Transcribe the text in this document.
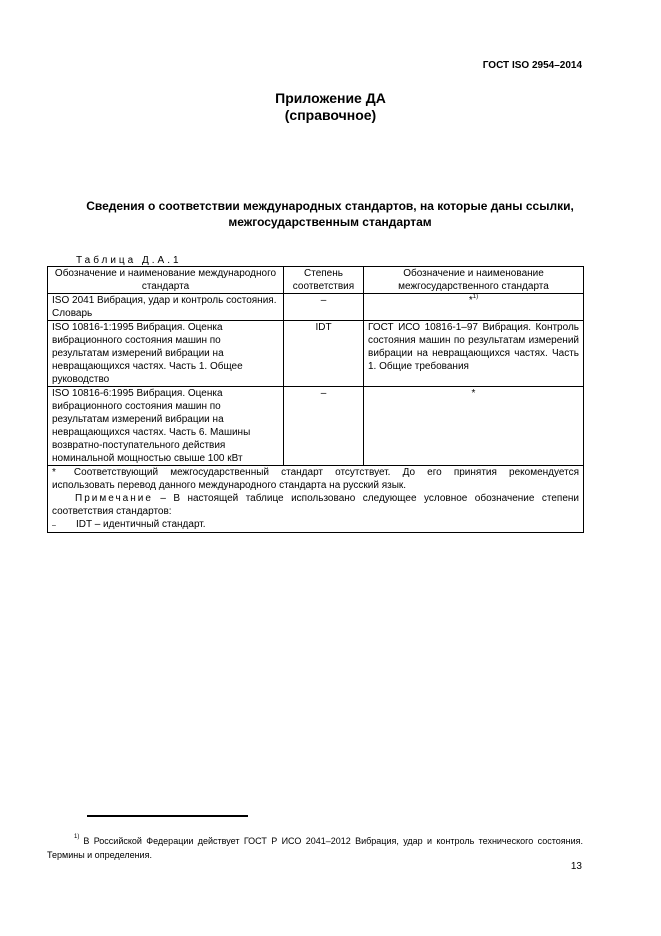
ГОСТ ISO 2954–2014
Приложение ДА
(справочное)
Сведения о соответствии международных стандартов, на которые даны ссылки, межгосударственным стандартам
Таблица Д.А.1
Обозначение и наименование международного стандарта	Степень соответствия	Обозначение и наименование межгосударственного стандарта
ISO 2041 Вибрация, удар и контроль состояния. Словарь	–	*$^{1)}$
ISO 10816-1:1995 Вибрация. Оценка вибрационного состояния машин по результатам измерений вибрации на невращающихся частях. Часть 1. Общее руководство	IDT	ГОСТ ИСО 10816-1–97 Вибрация. Контроль состояния машин по результатам измерений вибрации на невращающихся частях. Часть 1. Общие требования
ISO 10816-6:1995 Вибрация. Оценка вибрационного состояния машин по результатам измерений вибрации на невращающихся частях. Часть 6. Машины возвратно-поступательного действия номинальной мощностью свыше 100 кВт	–	*

* Соответствующий межгосударственный стандарт отсутствует. До его принятия рекомендуется использовать перевод данного международного стандарта на русский язык.

Примечание – В настоящей таблице использовано следующее условное обозначение степени соответствия стандартов:

– IDT – идентичный стандарт.		

$^{1)}$ В Российской Федерации действует ГОСТ Р ИСО 2041–2012 Вибрация, удар и контроль технического состояния. Термины и определения.
13
